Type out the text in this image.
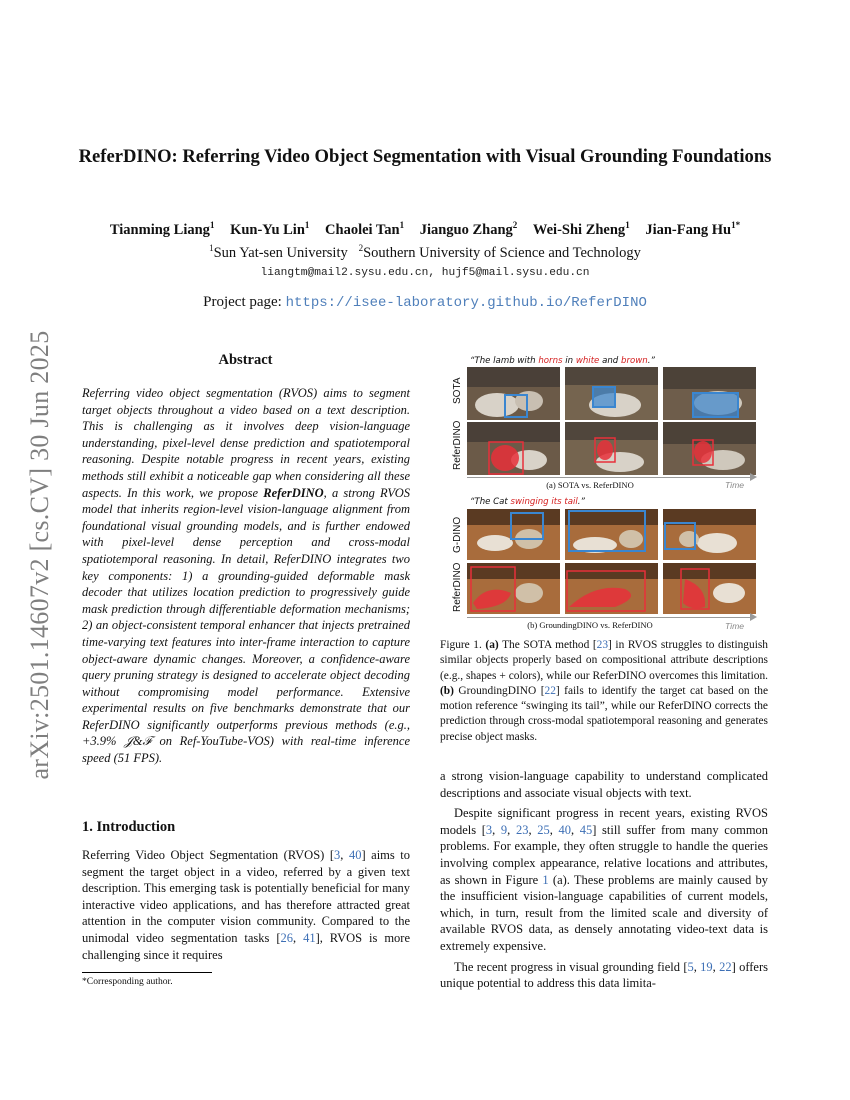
arXiv:2501.14607v2 [cs.CV] 30 Jun 2025
ReferDINO: Referring Video Object Segmentation with Visual Grounding Foundations
Tianming Liang$^1$ Kun-Yu Lin$^1$ Chaolei Tan$^1$ Jianguo Zhang$^2$ Wei-Shi Zheng$^1$ Jian-Fang $Hu^{1*}$
$^1$Sun Yat-sen University $^2$Southern University of Science and Technology
liangtm@mail2.sysu.edu.cn, hujf5@mail.sysu.edu.cn
Project page: https://isee-laboratory.github.io/ReferDINO
Abstract
Referring video object segmentation (RVOS) aims to segment target objects throughout a video based on a text description. This is challenging as it involves deep vision-language understanding, pixel-level dense prediction and spatiotemporal reasoning. Despite notable progress in recent years, existing methods still exhibit a noticeable gap when considering all these aspects. In this work, we propose ReferDINO, a strong RVOS model that inherits region-level vision-language alignment from foundational visual grounding models, and is further endowed with pixel-level dense perception and cross-modal spatiotemporal reasoning. In detail, ReferDINO integrates two key components: 1) a grounding-guided deformable mask decoder that utilizes location prediction to progressively guide mask prediction through differentiable deformation mechanisms; 2) an object-consistent temporal enhancer that injects pretrained time-varying text features into inter-frame interaction to capture object-aware dynamic changes. Moreover, a confidence-aware query pruning strategy is designed to accelerate object decoding without compromising model performance. Extensive experimental results on five benchmarks demonstrate that our ReferDINO significantly outperforms previous methods (e.g., +3.9% 𝒥&ℱ on Ref-YouTube-VOS) with real-time inference speed (51 FPS).
1. Introduction
Referring Video Object Segmentation (RVOS) [3, 40] aims to segment the target object in a video, referred by a given text description. This emerging task is potentially beneficial for many interactive video applications, and has therefore attracted great attention in the computer vision community. Compared to the unimodal video segmentation tasks [26, 41], RVOS is more challenging since it requires
*Corresponding author.
“The lamb with horns in white and brown.”
SOTA
ReferDINO
(a) SOTA vs. ReferDINO	Time
“The Cat swinging its tail.”
G-DINO
ReferDINO
(b) GroundingDINO vs. ReferDINO	Time
Figure 1. (a) The SOTA method [23] in RVOS struggles to distinguish similar objects properly based on compositional attribute descriptions (e.g., shapes + colors), while our ReferDINO overcomes this limitation. (b) GroundingDINO [22] fails to identify the target cat based on the motion reference “swinging its tail”, while our ReferDINO corrects the prediction through cross-modal spatiotemporal reasoning and generates precise object masks.

a strong vision-language capability to understand complicated descriptions and associate visual objects with text.

Despite significant progress in recent years, existing RVOS models [3, 9, 23, 25, 40, 45] still suffer from many common problems. For example, they often struggle to handle the queries involving complex appearance, relative locations and attributes, as shown in Figure 1 (a). These problems are mainly caused by the insufficient vision-language capabilities of current models, which, in turn, result from the limited scale and diversity of available RVOS data, as densely annotating video-text data is extremely expensive.

The recent progress in visual grounding field [5, 19, 22] offers unique potential to address this data limita-
